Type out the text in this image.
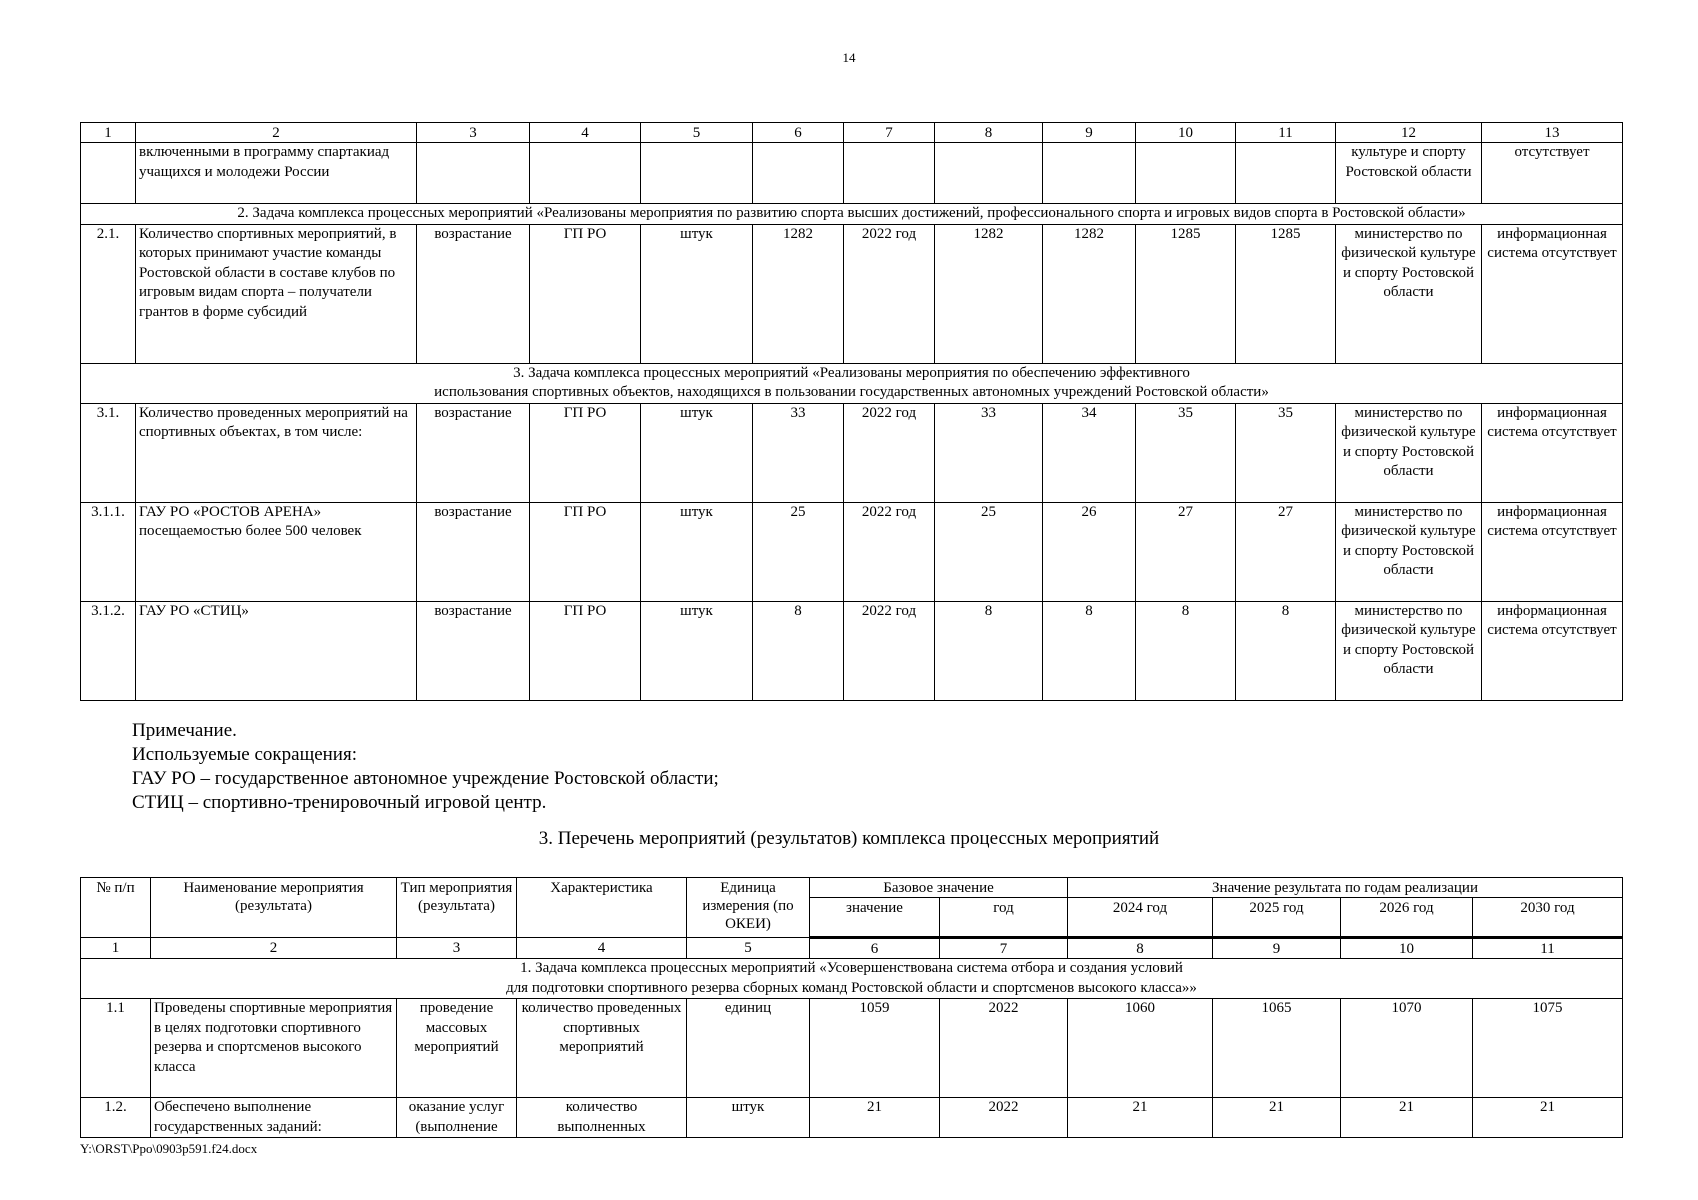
14
1	2	3	4	5	6	7	8	9	10	11	12	13
	включенными в программу спартакиад учащихся и молодежи России										культуре и спорту Ростовской области	отсутствует
2. Задача комплекса процессных мероприятий «Реализованы мероприятия по развитию спорта высших достижений, профессионального спорта и игровых видов спорта в Ростовской области»												
2.1.	Количество спортивных мероприятий, в которых принимают участие команды Ростовской области в составе клубов по игровым видам спорта – получатели грантов в форме субсидий	возрастание	ГП РО	штук	1282	2022 год	1282	1282	1285	1285	министерство по физической культуре и спорту Ростовской области	информационная система отсутствует

3. Задача комплекса процессных мероприятий «Реализованы мероприятия по обеспечению эффективного
использования спортивных объектов, находящихся в пользовании государственных автономных учреждений Ростовской области»												

3.1.	Количество проведенных мероприятий на спортивных объектах, в том числе:	возрастание	ГП РО	штук	33	2022 год	33	34	35	35	министерство по физической культуре и спорту Ростовской области	информационная система отсутствует
3.1.1.	ГАУ РО «РОСТОВ АРЕНА» посещаемостью более 500 человек	возрастание	ГП РО	штук	25	2022 год	25	26	27	27	министерство по физической культуре и спорту Ростовской области	информационная система отсутствует
3.1.2.	ГАУ РО «СТИЦ»	возрастание	ГП РО	штук	8	2022 год	8	8	8	8	министерство по физической культуре и спорту Ростовской области	информационная система отсутствует
Примечание.
Используемые сокращения:
ГАУ РО – государственное автономное учреждение Ростовской области;
СТИЦ – спортивно-тренировочный игровой центр.
3. Перечень мероприятий (результатов) комплекса процессных мероприятий
№ п/п	Наименование мероприятия (результата)	Тип мероприятия (результата)	Характеристика	Единица измерения (по ОКЕИ)	Базовое значение		Значение результата по годам реализации			
					значение	год	2024 год	2025 год	2026 год	2030 год
1	2	3	4	5	6	7	8	9	10	11

1. Задача комплекса процессных мероприятий «Усовершенствована система отбора и создания условий
для подготовки спортивного резерва сборных команд Ростовской области и спортсменов высокого класса»»										

1.1	Проведены спортивные мероприятия в целях подготовки спортивного резерва и спортсменов высокого класса	проведение массовых мероприятий	количество проведенных спортивных мероприятий	единиц	1059	2022	1060	1065	1070	1075
1.2.	Обеспечено выполнение государственных заданий:	оказание услуг (выполнение	количество выполненных	штук	21	2022	21	21	21	21
Y:\ORST\Ppo\0903p591.f24.docx
